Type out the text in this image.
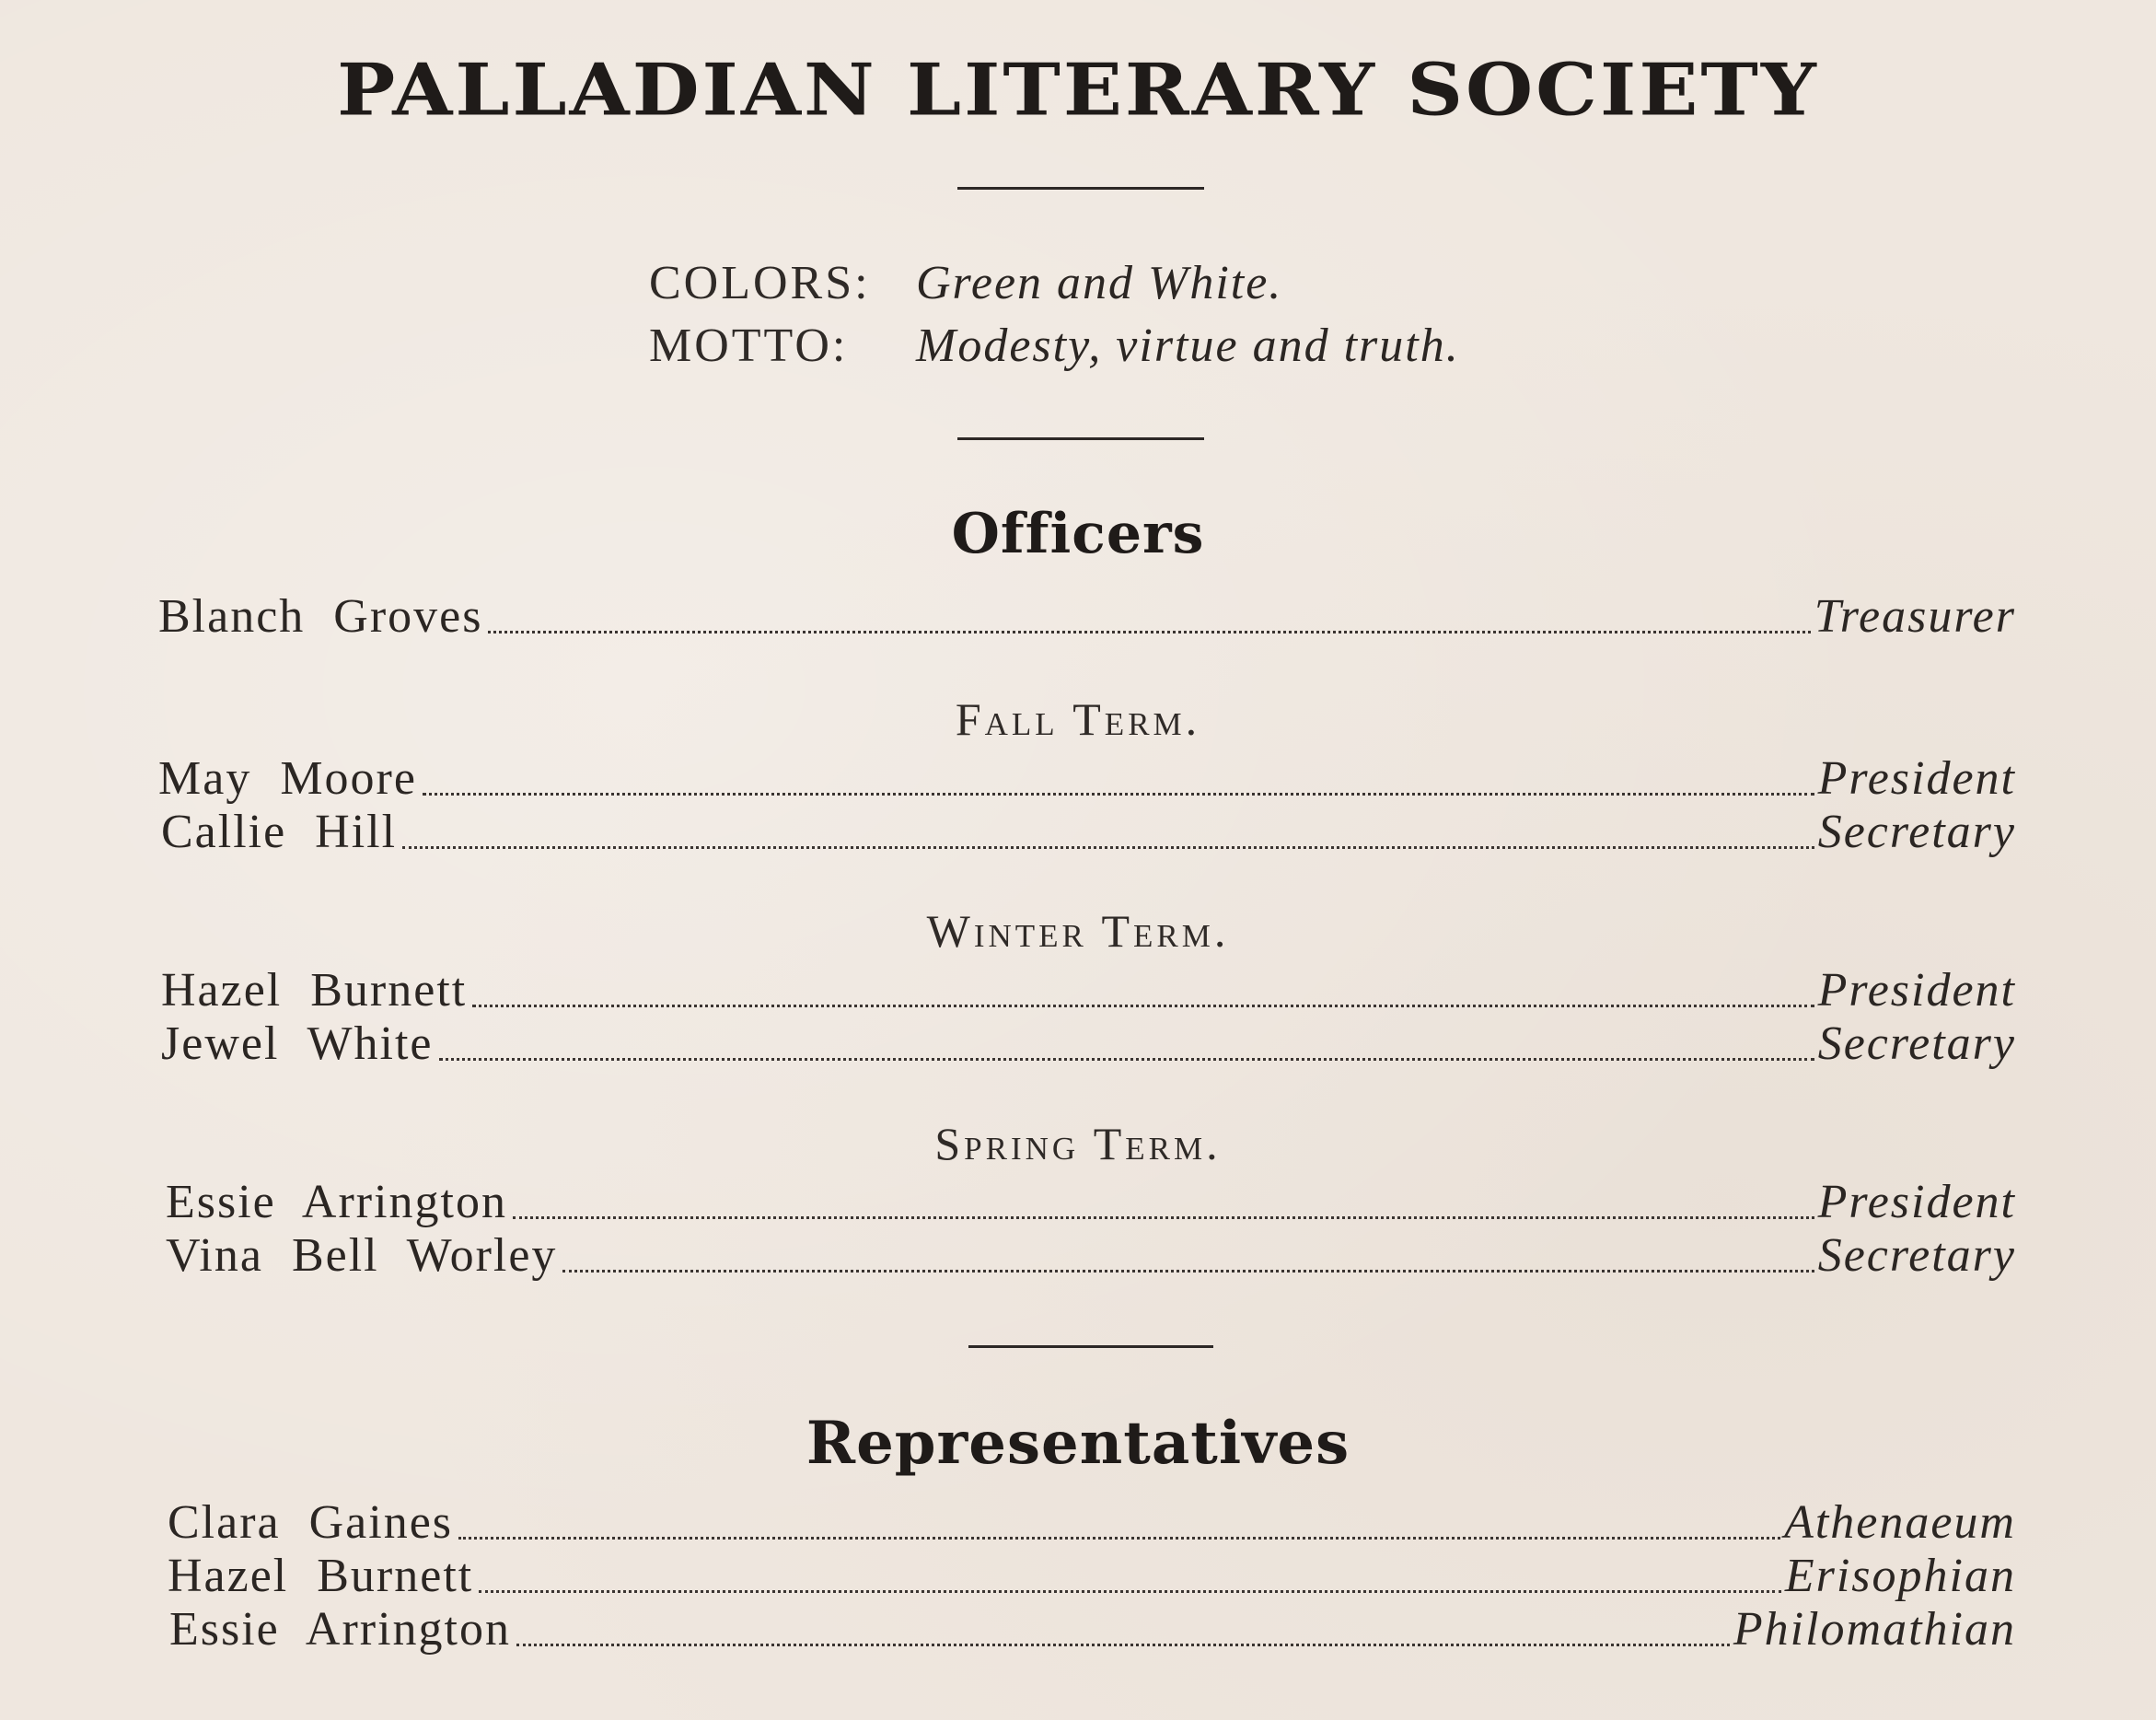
PALLADIAN LITERARY SOCIETY
COLORS: Green and White.
MOTTO: Modesty, virtue and truth.
Officers
Blanch Groves	Treasurer
Fall Term.
May Moore	President
Callie Hill	Secretary
Winter Term.
Hazel Burnett	President
Jewel White	Secretary
Spring Term.
Essie Arrington	President
Vina Bell Worley	Secretary
Representatives
Clara Gaines	Athenaeum
Hazel Burnett	Erisophian
Essie Arrington	Philomathian
